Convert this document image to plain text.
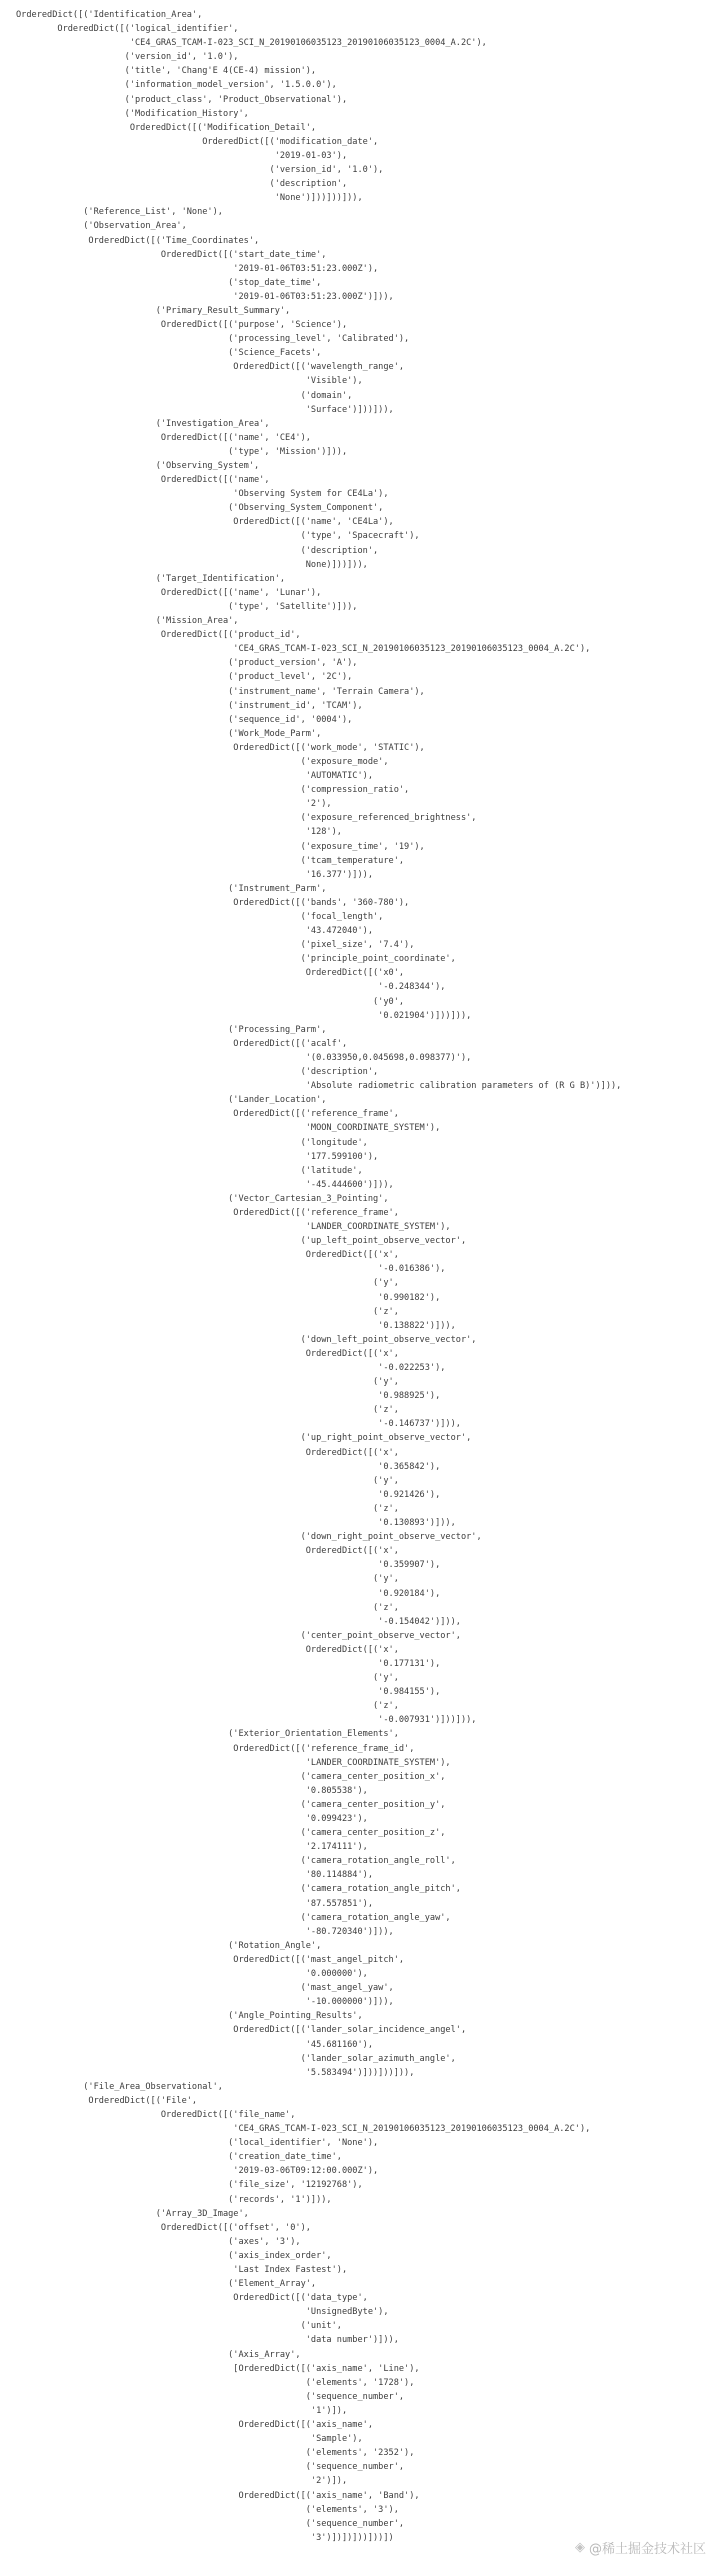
OrderedDict([('Identification_Area',
OrderedDict([('logical_identifier',
'CE4_GRAS_TCAM-I-023_SCI_N_20190106035123_20190106035123_0004_A.2C'),
('version_id', '1.0'),
('title', 'Chang'E 4(CE-4) mission'),
('information_model_version', '1.5.0.0'),
('product_class', 'Product_Observational'),
('Modification_History',
OrderedDict([('Modification_Detail',
OrderedDict([('modification_date',
'2019-01-03'),
('version_id', '1.0'),
('description',
'None')]))]))])),
('Reference_List', 'None'),
('Observation_Area',
OrderedDict([('Time_Coordinates',
OrderedDict([('start_date_time',
'2019-01-06T03:51:23.000Z'),
('stop_date_time',
'2019-01-06T03:51:23.000Z')])),
('Primary_Result_Summary',
OrderedDict([('purpose', 'Science'),
('processing_level', 'Calibrated'),
('Science_Facets',
OrderedDict([('wavelength_range',
'Visible'),
('domain',
'Surface')]))])),
('Investigation_Area',
OrderedDict([('name', 'CE4'),
('type', 'Mission')])),
('Observing_System',
OrderedDict([('name',
'Observing System for CE4La'),
('Observing_System_Component',
OrderedDict([('name', 'CE4La'),
('type', 'Spacecraft'),
('description',
None)]))])),
('Target_Identification',
OrderedDict([('name', 'Lunar'),
('type', 'Satellite')])),
('Mission_Area',
OrderedDict([('product_id',
'CE4_GRAS_TCAM-I-023_SCI_N_20190106035123_20190106035123_0004_A.2C'),
('product_version', 'A'),
('product_level', '2C'),
('instrument_name', 'Terrain Camera'),
('instrument_id', 'TCAM'),
('sequence_id', '0004'),
('Work_Mode_Parm',
OrderedDict([('work_mode', 'STATIC'),
('exposure_mode',
'AUTOMATIC'),
('compression_ratio',
'2'),
('exposure_referenced_brightness',
'128'),
('exposure_time', '19'),
('tcam_temperature',
'16.377')])),
('Instrument_Parm',
OrderedDict([('bands', '360-780'),
('focal_length',
'43.472040'),
('pixel_size', '7.4'),
('principle_point_coordinate',
OrderedDict([('x0',
'-0.248344'),
('y0',
'0.021904')]))])),
('Processing_Parm',
OrderedDict([('acalf',
'(0.033950,0.045698,0.098377)'),
('description',
'Absolute radiometric calibration parameters of (R G B)')])),
('Lander_Location',
OrderedDict([('reference_frame',
'MOON_COORDINATE_SYSTEM'),
('longitude',
'177.599100'),
('latitude',
'-45.444600')])),
('Vector_Cartesian_3_Pointing',
OrderedDict([('reference_frame',
'LANDER_COORDINATE_SYSTEM'),
('up_left_point_observe_vector',
OrderedDict([('x',
'-0.016386'),
('y',
'0.990182'),
('z',
'0.138822')])),
('down_left_point_observe_vector',
OrderedDict([('x',
'-0.022253'),
('y',
'0.988925'),
('z',
'-0.146737')])),
('up_right_point_observe_vector',
OrderedDict([('x',
'0.365842'),
('y',
'0.921426'),
('z',
'0.130893')])),
('down_right_point_observe_vector',
OrderedDict([('x',
'0.359907'),
('y',
'0.920184'),
('z',
'-0.154042')])),
('center_point_observe_vector',
OrderedDict([('x',
'0.177131'),
('y',
'0.984155'),
('z',
'-0.007931')]))])),
('Exterior_Orientation_Elements',
OrderedDict([('reference_frame_id',
'LANDER_COORDINATE_SYSTEM'),
('camera_center_position_x',
'0.805538'),
('camera_center_position_y',
'0.099423'),
('camera_center_position_z',
'2.174111'),
('camera_rotation_angle_roll',
'80.114884'),
('camera_rotation_angle_pitch',
'87.557851'),
('camera_rotation_angle_yaw',
'-80.720340')])),
('Rotation_Angle',
OrderedDict([('mast_angel_pitch',
'0.000000'),
('mast_angel_yaw',
'-10.000000')])),
('Angle_Pointing_Results',
OrderedDict([('lander_solar_incidence_angel',
'45.681160'),
('lander_solar_azimuth_angle',
'5.583494')]))]))])),
('File_Area_Observational',
OrderedDict([('File',
OrderedDict([('file_name',
'CE4_GRAS_TCAM-I-023_SCI_N_20190106035123_20190106035123_0004_A.2C'),
('local_identifier', 'None'),
('creation_date_time',
'2019-03-06T09:12:00.000Z'),
('file_size', '12192768'),
('records', '1')])),
('Array_3D_Image',
OrderedDict([('offset', '0'),
('axes', '3'),
('axis_index_order',
'Last Index Fastest'),
('Element_Array',
OrderedDict([('data_type',
'UnsignedByte'),
('unit',
'data number')])),
('Axis_Array',
[OrderedDict([('axis_name', 'Line'),
('elements', '1728'),
('sequence_number',
'1')]),
OrderedDict([('axis_name',
'Sample'),
('elements', '2352'),
('sequence_number',
'2')]),
OrderedDict([('axis_name', 'Band'),
('elements', '3'),
('sequence_number',
'3')])])]))]))])
◈ @稀土掘金技术社区
